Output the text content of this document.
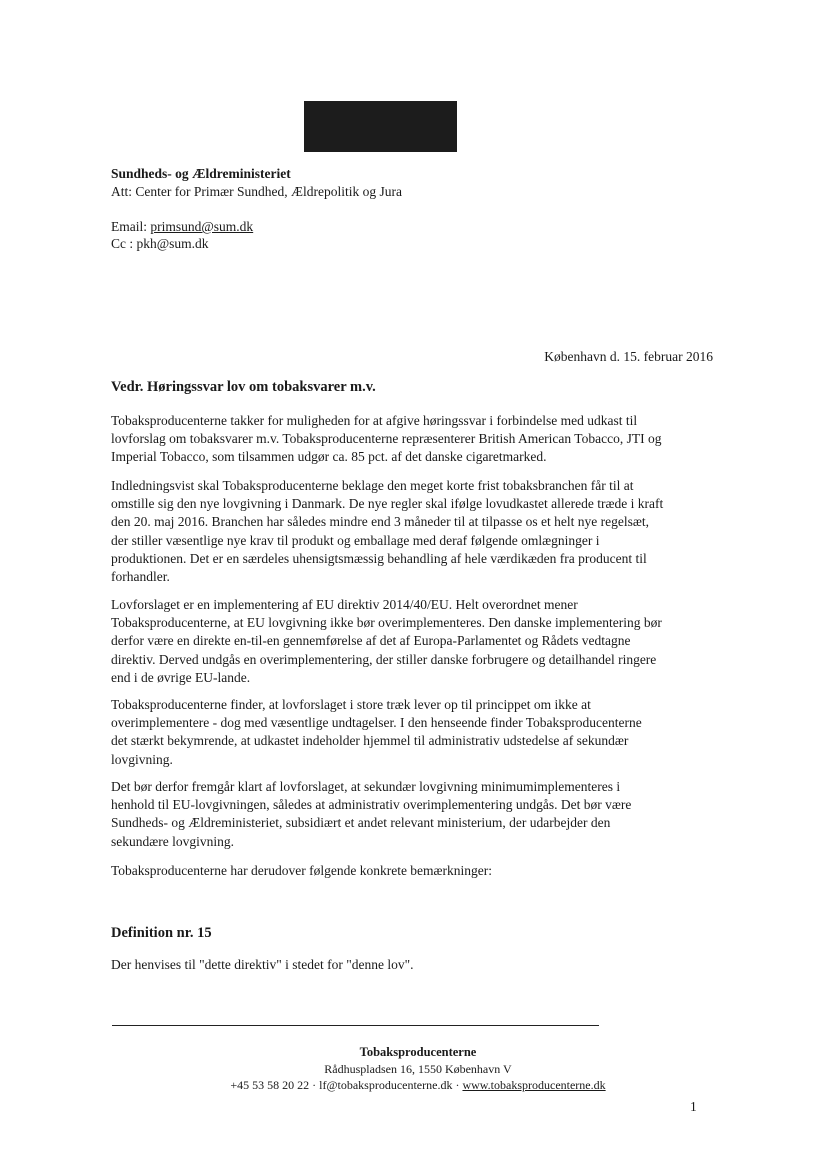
Sundheds- og Ældreministeriet
Att: Center for Primær Sundhed, Ældrepolitik og Jura
Email: primsund@sum.dk
Cc : pkh@sum.dk
København d. 15. februar 2016
Vedr. Høringssvar lov om tobaksvarer m.v.
Tobaksproducenterne takker for muligheden for at afgive høringssvar i forbindelse med udkast til
lovforslag om tobaksvarer m.v. Tobaksproducenterne repræsenterer British American Tobacco, JTI og
Imperial Tobacco, som tilsammen udgør ca. 85 pct. af det danske cigaretmarked.
Indledningsvist skal Tobaksproducenterne beklage den meget korte frist tobaksbranchen får til at
omstille sig den nye lovgivning i Danmark. De nye regler skal ifølge lovudkastet allerede træde i kraft
den 20. maj 2016. Branchen har således mindre end 3 måneder til at tilpasse os et helt nye regelsæt,
der stiller væsentlige nye krav til produkt og emballage med deraf følgende omlægninger i
produktionen. Det er en særdeles uhensigtsmæssig behandling af hele værdikæden fra producent til
forhandler.
Lovforslaget er en implementering af EU direktiv 2014/40/EU. Helt overordnet mener
Tobaksproducenterne, at EU lovgivning ikke bør overimplementeres. Den danske implementering bør
derfor være en direkte en-til-en gennemførelse af det af Europa-Parlamentet og Rådets vedtagne
direktiv. Derved undgås en overimplementering, der stiller danske forbrugere og detailhandel ringere
end i de øvrige EU-lande.
Tobaksproducenterne finder, at lovforslaget i store træk lever op til princippet om ikke at
overimplementere - dog med væsentlige undtagelser. I den henseende finder Tobaksproducenterne
det stærkt bekymrende, at udkastet indeholder hjemmel til administrativ udstedelse af sekundær
lovgivning.
Det bør derfor fremgår klart af lovforslaget, at sekundær lovgivning minimumimplementeres i
henhold til EU-lovgivningen, således at administrativ overimplementering undgås. Det bør være
Sundheds- og Ældreministeriet, subsidiært et andet relevant ministerium, der udarbejder den
sekundære lovgivning.
Tobaksproducenterne har derudover følgende konkrete bemærkninger:
Definition nr. 15
Der henvises til "dette direktiv" i stedet for "denne lov".
Tobaksproducenterne
Rådhuspladsen 16, 1550 København V
+45 53 58 20 22 · lf@tobaksproducenterne.dk · www.tobaksproducenterne.dk
1
